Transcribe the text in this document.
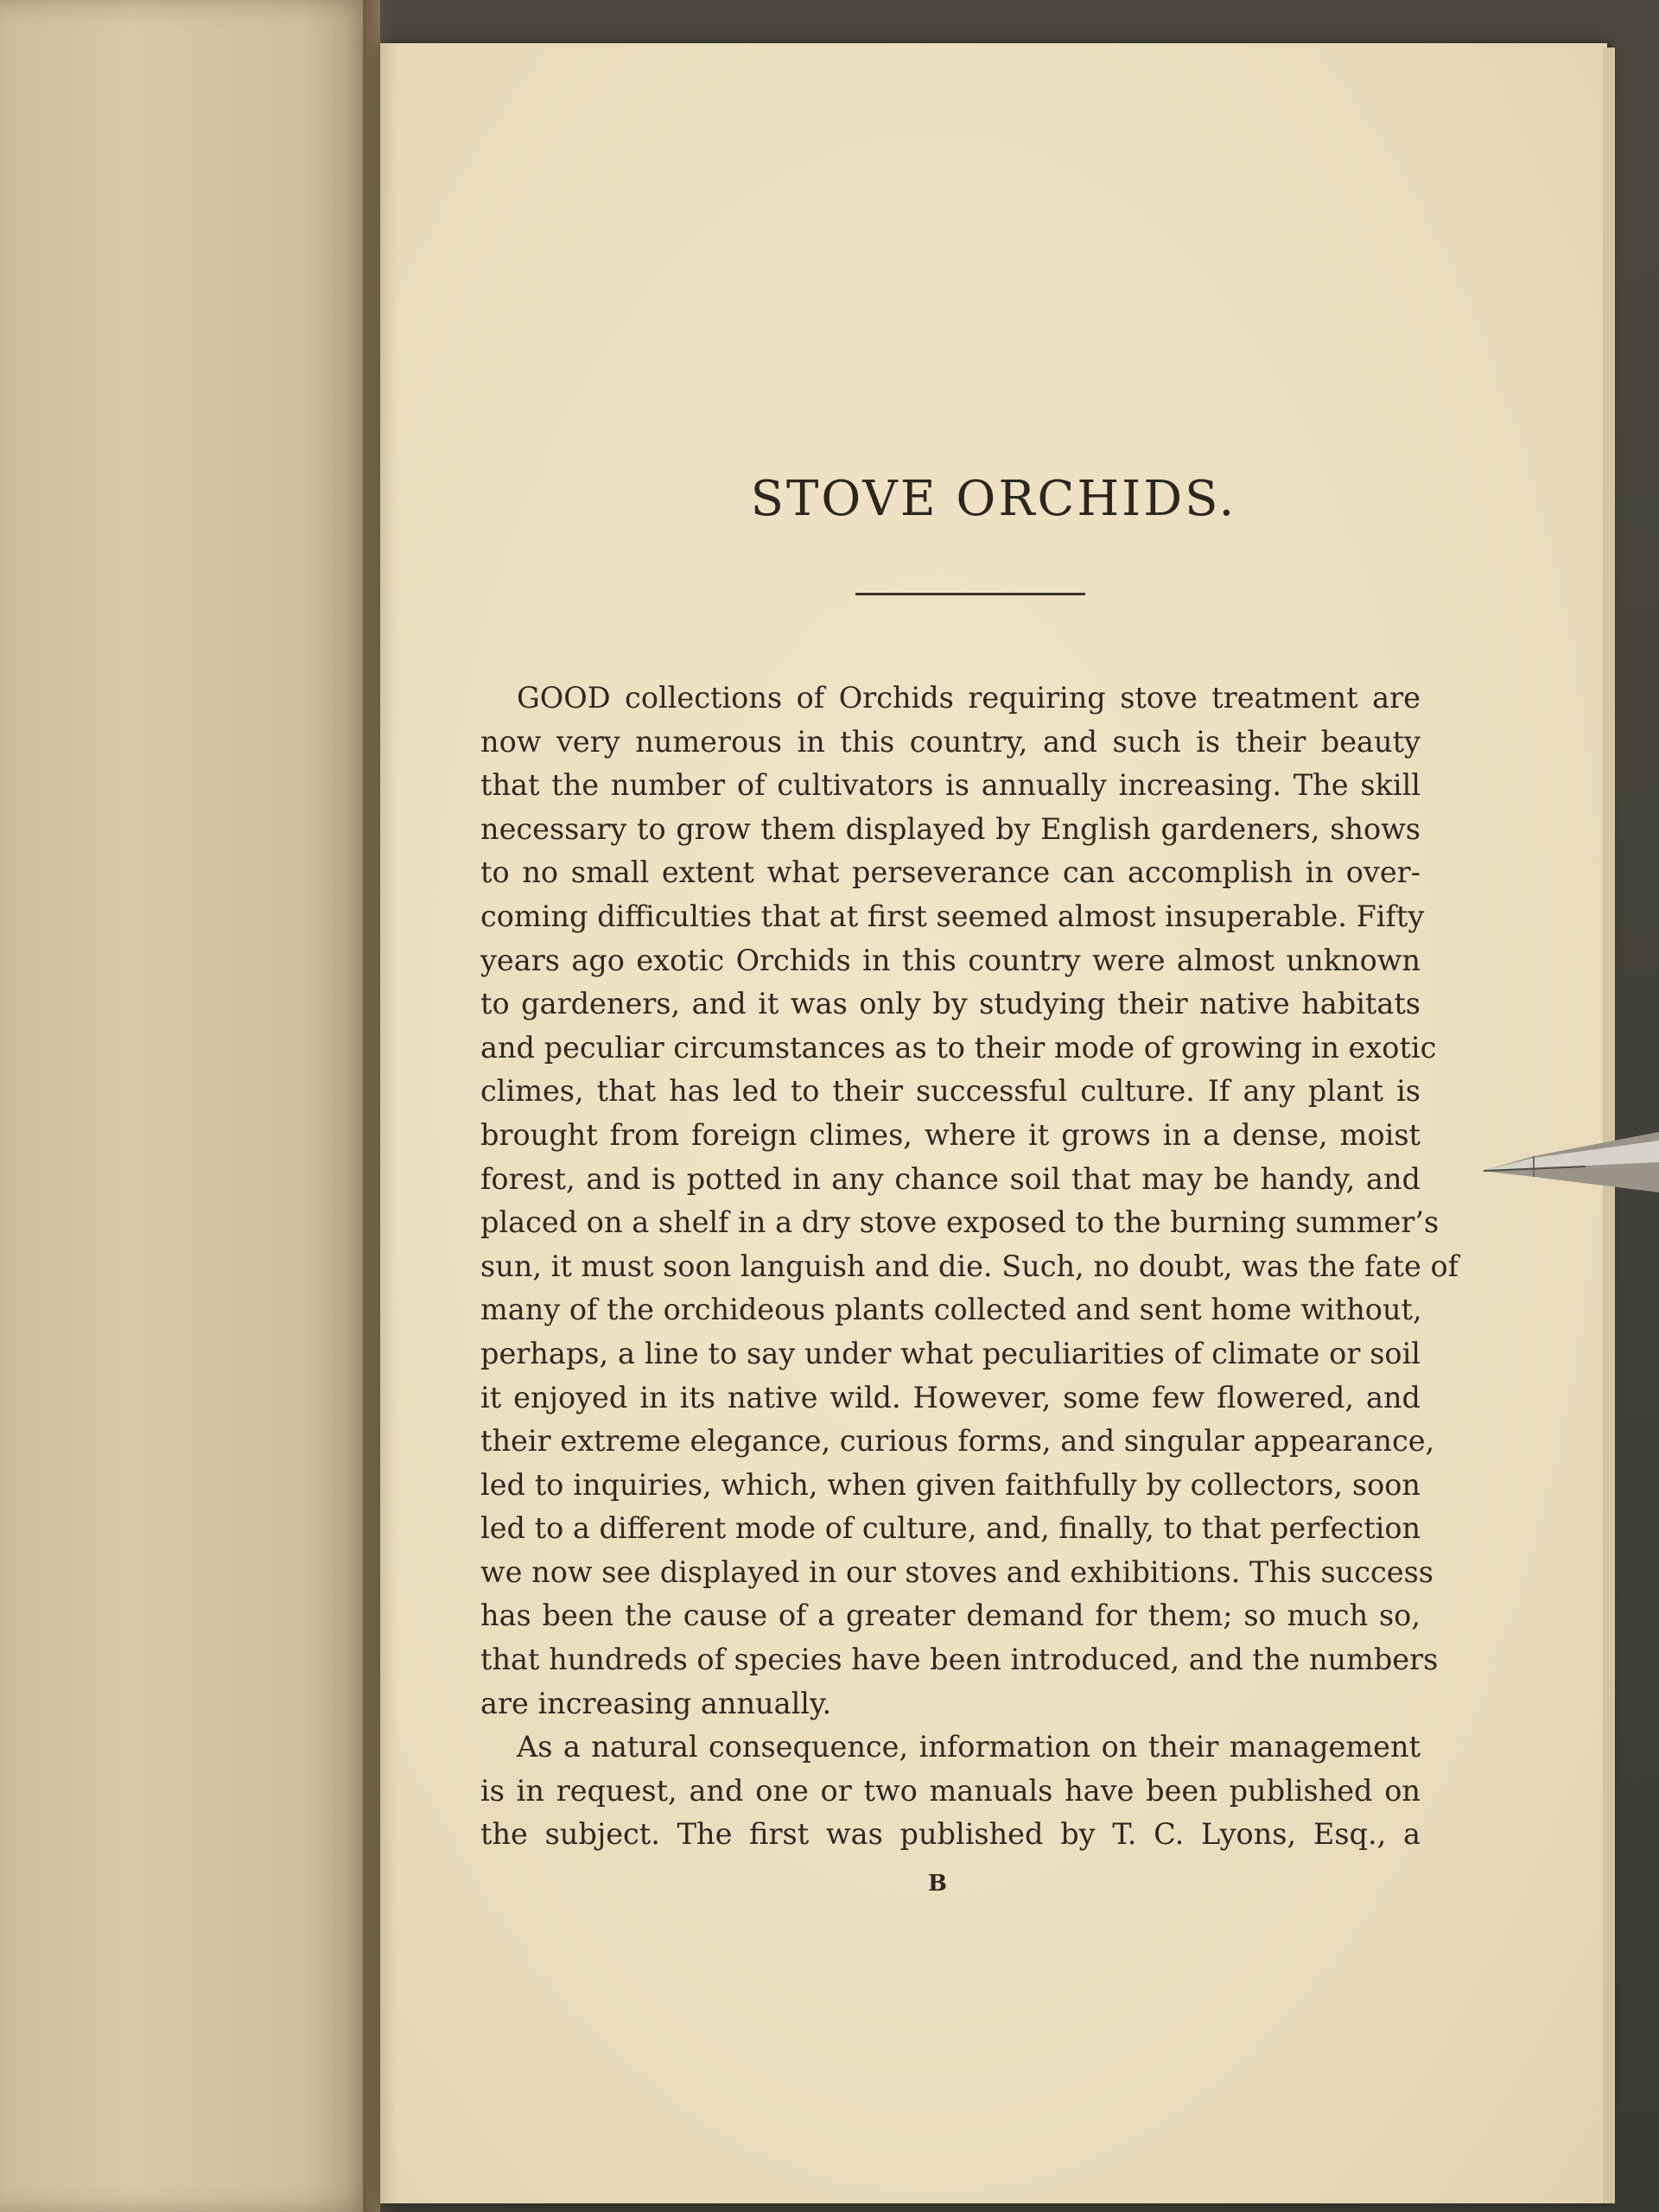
STOVE ORCHIDS.

GOOD collections of Orchids requiring stove treatment are

now very numerous in this country, and such is their beauty

that the number of cultivators is annually increasing. The skill

necessary to grow them displayed by English gardeners, shows

to no small extent what perseverance can accomplish in over-

coming difficulties that at first seemed almost insuperable. Fifty

years ago exotic Orchids in this country were almost unknown

to gardeners, and it was only by studying their native habitats

and peculiar circumstances as to their mode of growing in exotic

climes, that has led to their successful culture. If any plant is

brought from foreign climes, where it grows in a dense, moist

forest, and is potted in any chance soil that may be handy, and

placed on a shelf in a dry stove exposed to the burning summer’s

sun, it must soon languish and die. Such, no doubt, was the fate of

many of the orchideous plants collected and sent home without,

perhaps, a line to say under what peculiarities of climate or soil

it enjoyed in its native wild. However, some few flowered, and

their extreme elegance, curious forms, and singular appearance,

led to inquiries, which, when given faithfully by collectors, soon

led to a different mode of culture, and, finally, to that perfection

we now see displayed in our stoves and exhibitions. This success

has been the cause of a greater demand for them; so much so,

that hundreds of species have been introduced, and the numbers

are increasing annually.

As a natural consequence, information on their management

is in request, and one or two manuals have been published on

the subject. The first was published by T. C. Lyons, Esq., a

B
